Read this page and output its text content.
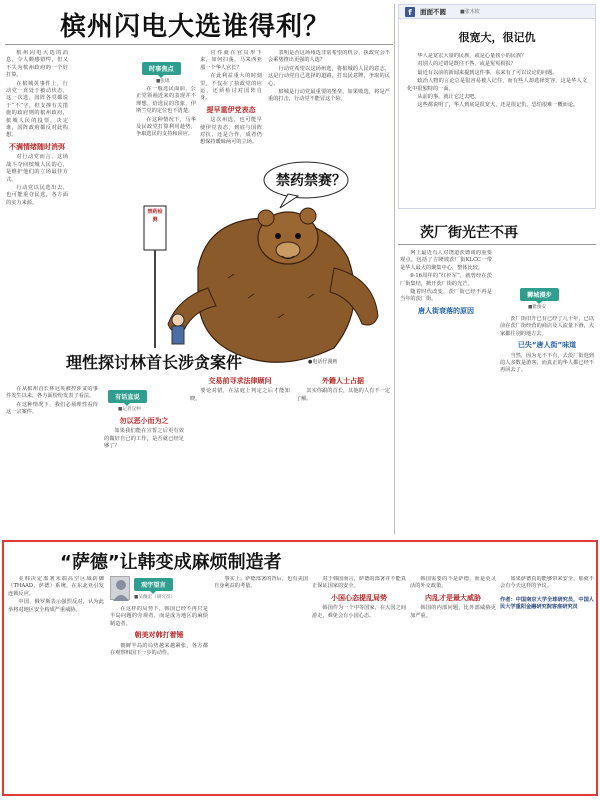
槟州闪电大选谁得利？

槟州闪电大选的消息，令人颇感错愕，但又不失为槟州政府的一个好打算。

在槟城英事件上，行动党一直处于被动状态，这一次选，国阵各党都说于“不”字，但支撑有关措施的政府则的槟州政府，槟城人民的投票，决定谁，国阵政府都反对此构想。

不满情绪随时消弭

对行动党而言，这场战斗夺回槟城人民的心，是维护他们的立场最佳方式。

行动党以民选出去，也可能重夺民选，各方面的实力来源。

时事焦点
■张锦

在一般选民面前，公正党领袖近来的表现并不理想，给选民的印象，伊斯兰党的定位也不清楚。

在这种情况下，马华及民政党打算利用趁势，争取选民的支持和回应。

官件就在官员形下来，如何扫荡，马来西亚那一个华人官长？

在此利益重大的时刻里，不仅在了执政党的应运，还须检讨对国阵自身。

提早重伊党表态

这次州选，也可能早使伊党表态，到底与国阵对抗，还是合作，成者仍想保持暖昧两可的立场。

表明是否这场州选非常希望的机会，执政党会不会乘势推出更强的人选？

行动党希望以这场州选，将槟城的人民的意志，这是行动党自己选择的道路，打出民意牌，争取的民心。

槟城是行动党最重要的堡垒，如果败选，将是严重的打击，行动党不能冒这个险。

禁药禁赛？
禁药检测
●电话仔漫画
f	面面不圆	■张木钦
很宽大，很记仇

华人是宽宏大量的民族，或是心量狭小的民族？

对别人的过错是既往不咎，或是冤冤相报？

最近有以前的新闻来提到这件事，东来有了可以议论的问题。

政治人物的言论总是很容易被人记住，而有些人却选择宽容，这是华人文化中很独特的一面。

从前的事，就让它过去吧。

这些都说明了，华人到底是很宽大，还是很记仇，恐怕很难一概而论。

茨厂街光芒不再

网上最近有人对饶道茨德谈的重要观点，包括了吉隆坡茨厂街KLCC一带是华人最大的聚集中心，整体比较。

9·16周年的“红衫军”，就曾经在茨厂街集结，掀开茨厂街的光芒。

随着时代改变，茨厂街已经不再是当年的茨厂街。

唐人街衰落的原因
狮城漫步
■雅俊安

茨厂街旧开已有已经了几十年，已以前在茨厂街经营的商店及人流量下滑，大家都往别的地方去。

已失“唐人街”味道

当然，因为无不不有，去茨厂街逛到的人多数是游客，而真正的华人都已经不再回去了。

理性探讨林首长涉贪案件
有话直说
■记者汉仲

在从槟州首长林冠英被控涉贪的事件发生以来，各方面纷纷发表了看法。

在这种情况下，我们必须理性看待这一宗案件。

勿以恶小而为之

如果我们能在宣誓之后更有效的做好自己的工作，是否就已经足够了？

交易前寻求法律顾问

要论对错，在法庭上判定之后才能知晓。

外籍人士占据

其实你跟的首长，其他的人有不一定了解。

“萨德”让韩变成麻烦制造者

美韩决定部署末端高空区域防御（THAAD，萨德）系统，在东北亚引发连锁反应。

中国、俄罗斯表示强烈反对，认为此举将对地区安全构成严重威胁。

观宇望言
■吴俊宏（研究员）

在这样的局势下，韩国已经不再只是半岛问题的旁观者，而是成为地区的麻烦制造者。

朝美对韩打着锤

朝鲜半岛的局势越来越紧张，各方都在观察韩国下一步的动作。

事实上，萨德部署的背后，也有美国自身利益的考量。

对于韩国而言，萨德的部署并不能真正保证国家的安全。

小国心态提乱局势

韩国作为一个中等国家，在大国之间游走，难免会有小国心态。

韩国需要的不是萨德，而是更灵活的外交政策。

内乱才是最大威胁

韩国的内部问题，比外部威胁更加严重。

如果萨德真的能够带来安全，那就不会有今天这样的争议。

作者：中国南京大学全球研究员，中国人民大学重阳金融研究院客座研究员
